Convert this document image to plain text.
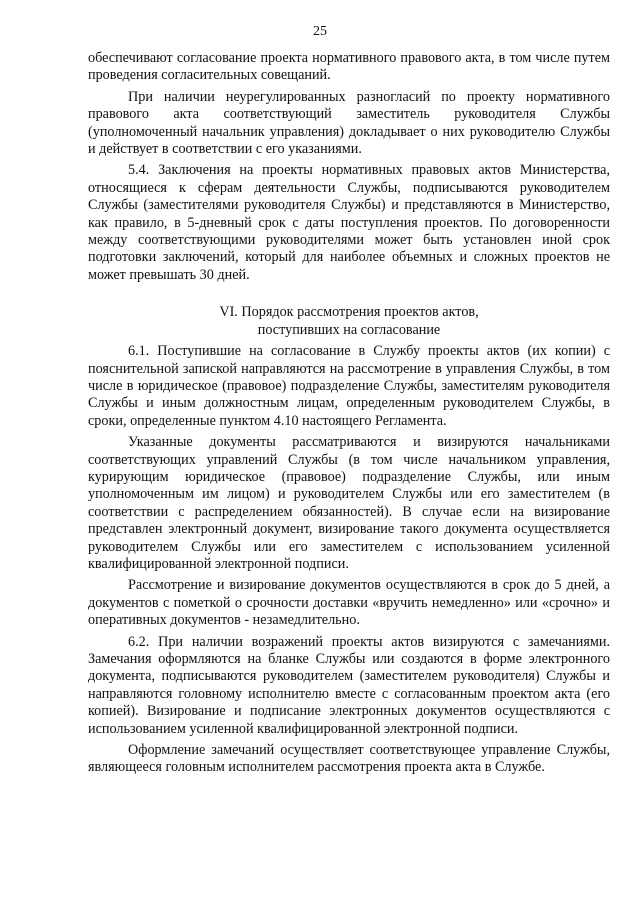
25

обеспечивают согласование проекта нормативного правового акта, в том числе путем проведения согласительных совещаний.

При наличии неурегулированных разногласий по проекту нормативного правового акта соответствующий заместитель руководителя Службы (уполномоченный начальник управления) докладывает о них руководителю Службы и действует в соответствии с его указаниями.

5.4. Заключения на проекты нормативных правовых актов Министерства, относящиеся к сферам деятельности Службы, подписываются руководителем Службы (заместителями руководителя Службы) и представляются в Министерство, как правило, в 5-дневный срок с даты поступления проектов. По договоренности между соответствующими руководителями может быть установлен иной срок подготовки заключений, который для наиболее объемных и сложных проектов не может превышать 30 дней.

VI. Порядок рассмотрения проектов актов,
поступивших на согласование

6.1. Поступившие на согласование в Службу проекты актов (их копии) с пояснительной запиской направляются на рассмотрение в управления Службы, в том числе в юридическое (правовое) подразделение Службы, заместителям руководителя Службы и иным должностным лицам, определенным руководителем Службы, в сроки, определенные пунктом 4.10 настоящего Регламента.

Указанные документы рассматриваются и визируются начальниками соответствующих управлений Службы (в том числе начальником управления, курирующим юридическое (правовое) подразделение Службы, или иным уполномоченным им лицом) и руководителем Службы или его заместителем (в соответствии с распределением обязанностей). В случае если на визирование представлен электронный документ, визирование такого документа осуществляется руководителем Службы или его заместителем с использованием усиленной квалифицированной электронной подписи.

Рассмотрение и визирование документов осуществляются в срок до 5 дней, а документов с пометкой о срочности доставки «вручить немедленно» или «срочно» и оперативных документов - незамедлительно.

6.2. При наличии возражений проекты актов визируются с замечаниями. Замечания оформляются на бланке Службы или создаются в форме электронного документа, подписываются руководителем (заместителем руководителя) Службы и направляются головному исполнителю вместе с согласованным проектом акта (его копией). Визирование и подписание электронных документов осуществляются с использованием усиленной квалифицированной электронной подписи.

Оформление замечаний осуществляет соответствующее управление Службы, являющееся головным исполнителем рассмотрения проекта акта в Службе.
